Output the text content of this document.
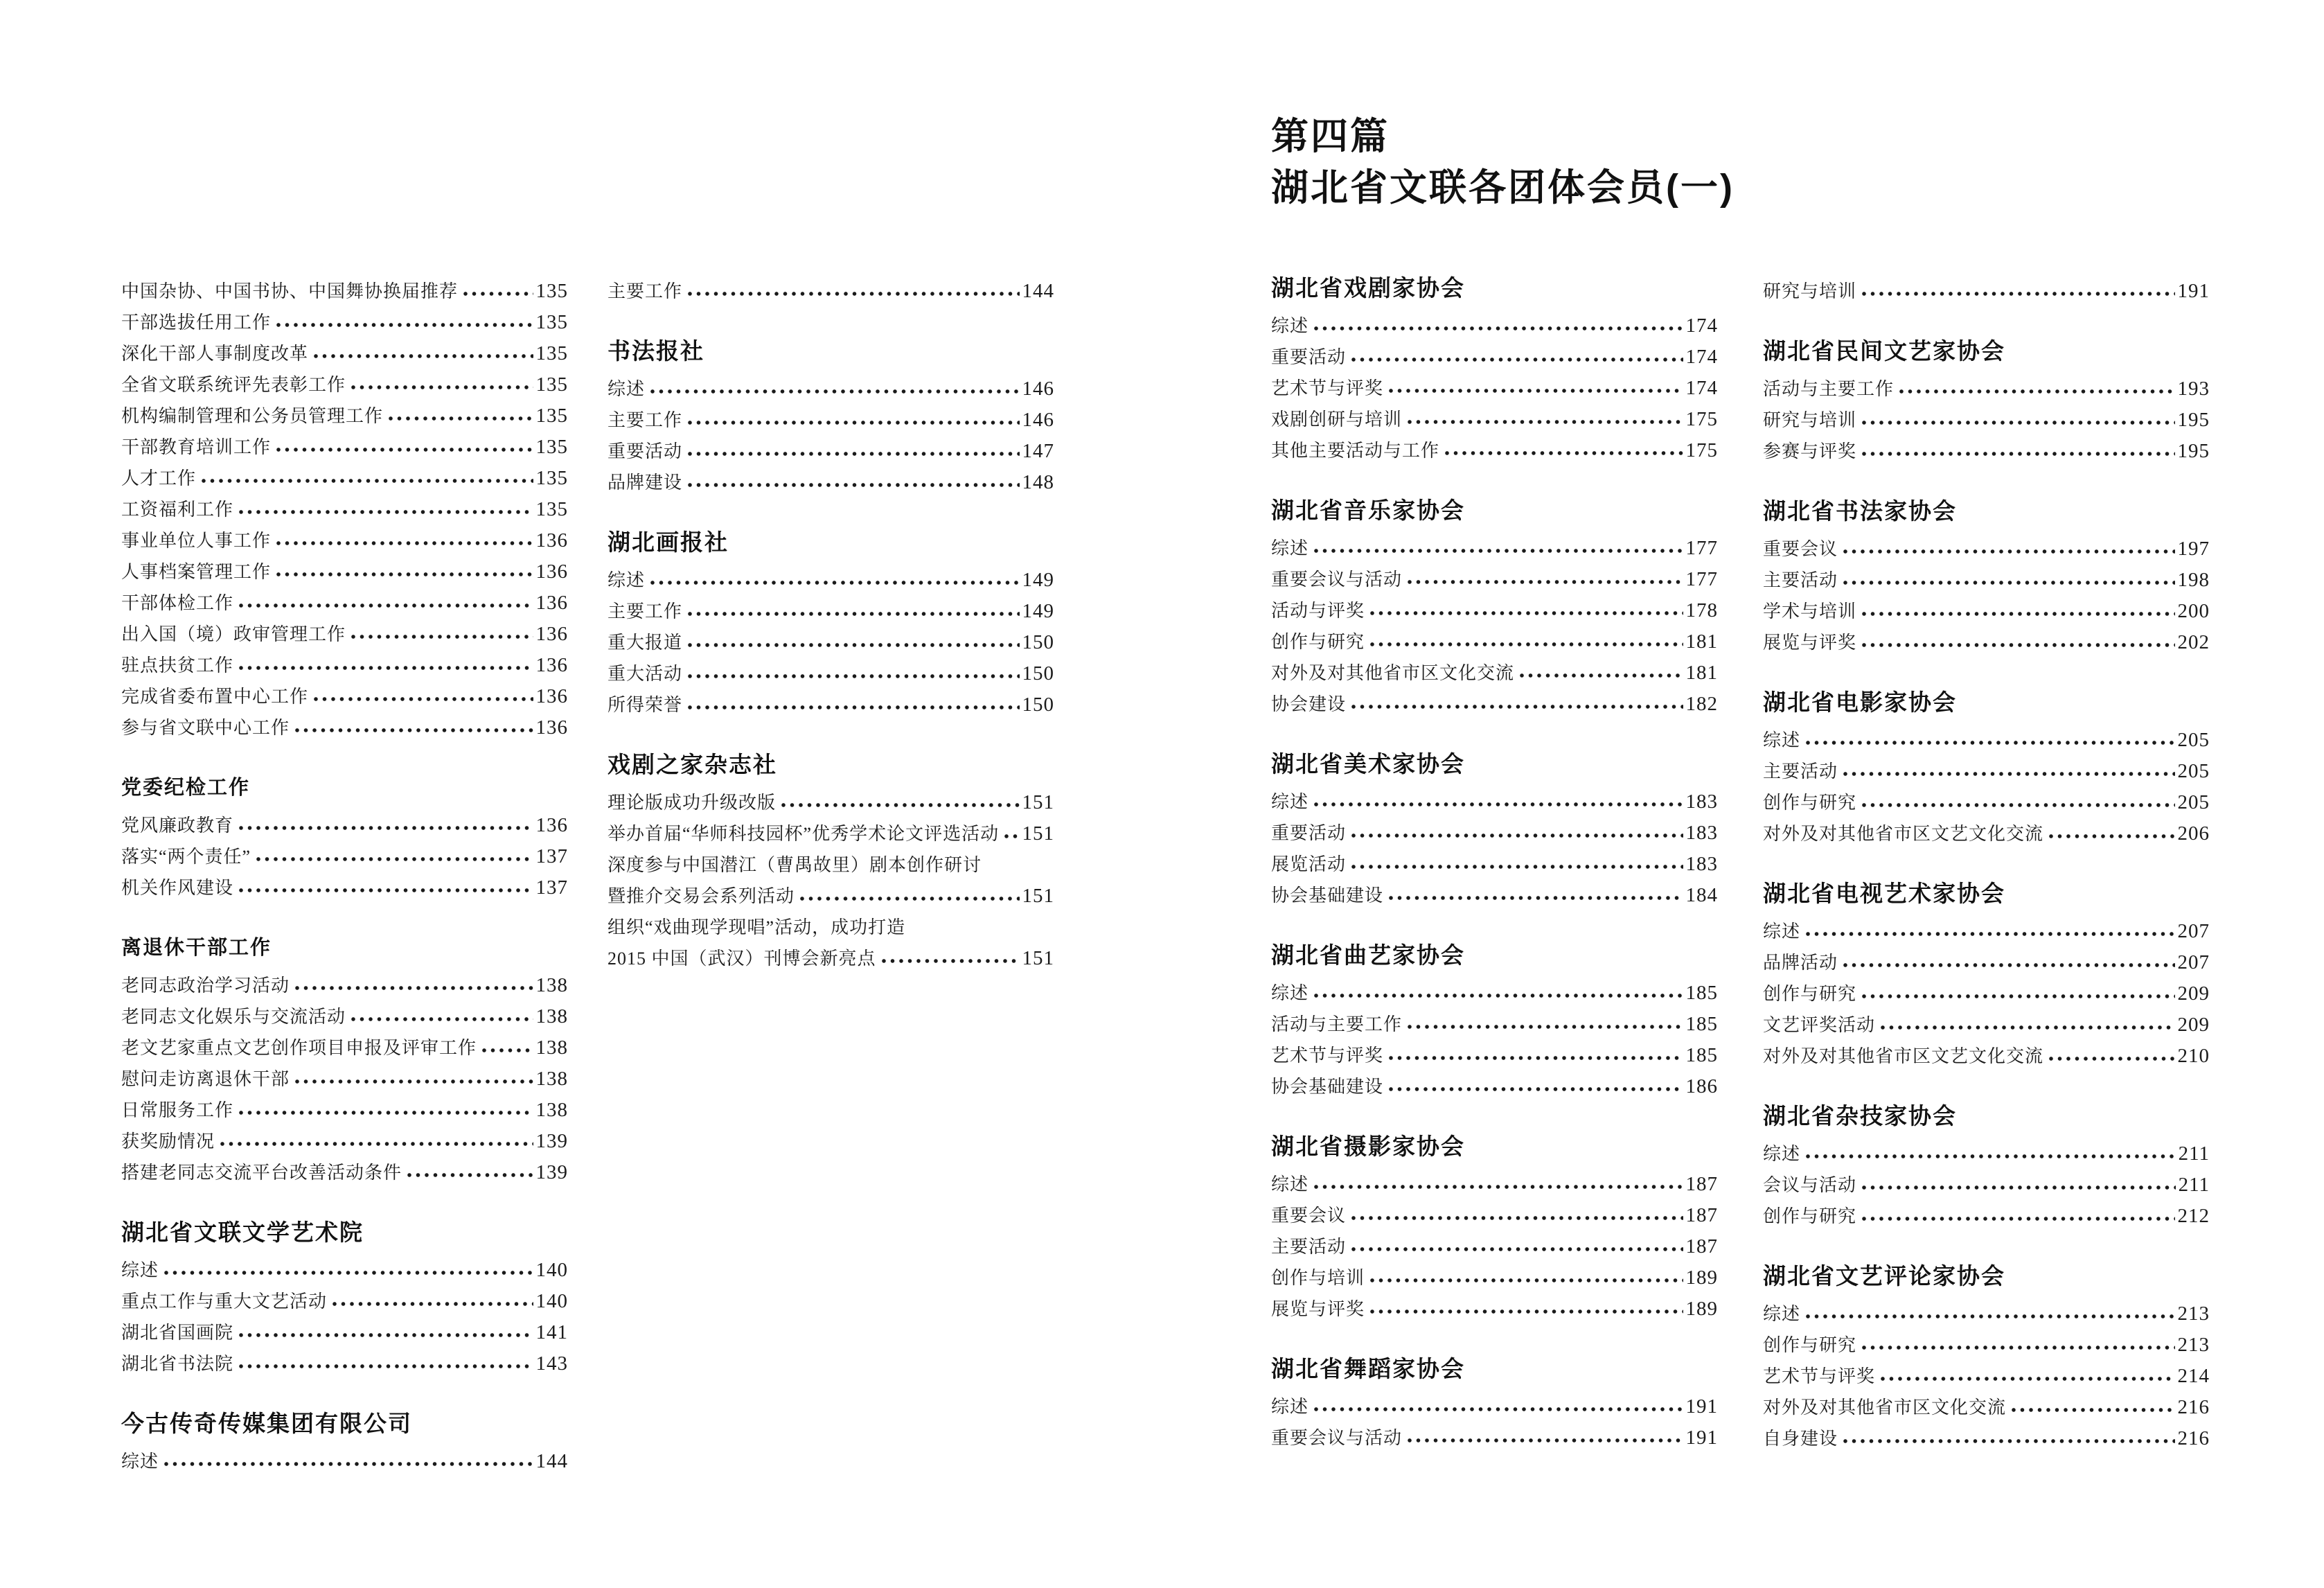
第四篇
湖北省文联各团体会员(一)
中国杂协、中国书协、中国舞协换届推荐	135
干部选拔任用工作	135
深化干部人事制度改革	135
全省文联系统评先表彰工作	135
机构编制管理和公务员管理工作	135
干部教育培训工作	135
人才工作	135
工资福利工作	135
事业单位人事工作	136
人事档案管理工作	136
干部体检工作	136
出入国（境）政审管理工作	136
驻点扶贫工作	136
完成省委布置中心工作	136
参与省文联中心工作	136
党委纪检工作
党风廉政教育	136
落实“两个责任”	137
机关作风建设	137
离退休干部工作
老同志政治学习活动	138
老同志文化娱乐与交流活动	138
老文艺家重点文艺创作项目申报及评审工作	138
慰问走访离退休干部	138
日常服务工作	138
获奖励情况	139
搭建老同志交流平台改善活动条件	139
湖北省文联文学艺术院
综述	140
重点工作与重大文艺活动	140
湖北省国画院	141
湖北省书法院	143
今古传奇传媒集团有限公司
综述	144
主要工作	144
书法报社
综述	146
主要工作	146
重要活动	147
品牌建设	148
湖北画报社
综述	149
主要工作	149
重大报道	150
重大活动	150
所得荣誉	150
戏剧之家杂志社
理论版成功升级改版	151
举办首届“华师科技园杯”优秀学术论文评选活动 151
深度参与中国潜江（曹禺故里）剧本创作研讨
暨推介交易会系列活动	151
组织“戏曲现学现唱”活动，成功打造
2015 中国（武汉）刊博会新亮点	151
湖北省戏剧家协会
综述	174
重要活动	174
艺术节与评奖	174
戏剧创研与培训	175
其他主要活动与工作	175
湖北省音乐家协会
综述	177
重要会议与活动	177
活动与评奖	178
创作与研究	181
对外及对其他省市区文化交流	181
协会建设	182
湖北省美术家协会
综述	183
重要活动	183
展览活动	183
协会基础建设	184
湖北省曲艺家协会
综述	185
活动与主要工作	185
艺术节与评奖	185
协会基础建设	186
湖北省摄影家协会
综述	187
重要会议	187
主要活动	187
创作与培训	189
展览与评奖	189
湖北省舞蹈家协会
综述	191
重要会议与活动	191
研究与培训	191
湖北省民间文艺家协会
活动与主要工作	193
研究与培训	195
参赛与评奖	195
湖北省书法家协会
重要会议	197
主要活动	198
学术与培训	200
展览与评奖	202
湖北省电影家协会
综述	205
主要活动	205
创作与研究	205
对外及对其他省市区文艺文化交流	206
湖北省电视艺术家协会
综述	207
品牌活动	207
创作与研究	209
文艺评奖活动	209
对外及对其他省市区文艺文化交流	210
湖北省杂技家协会
综述	211
会议与活动	211
创作与研究	212
湖北省文艺评论家协会
综述	213
创作与研究	213
艺术节与评奖	214
对外及对其他省市区文化交流	216
自身建设	216
